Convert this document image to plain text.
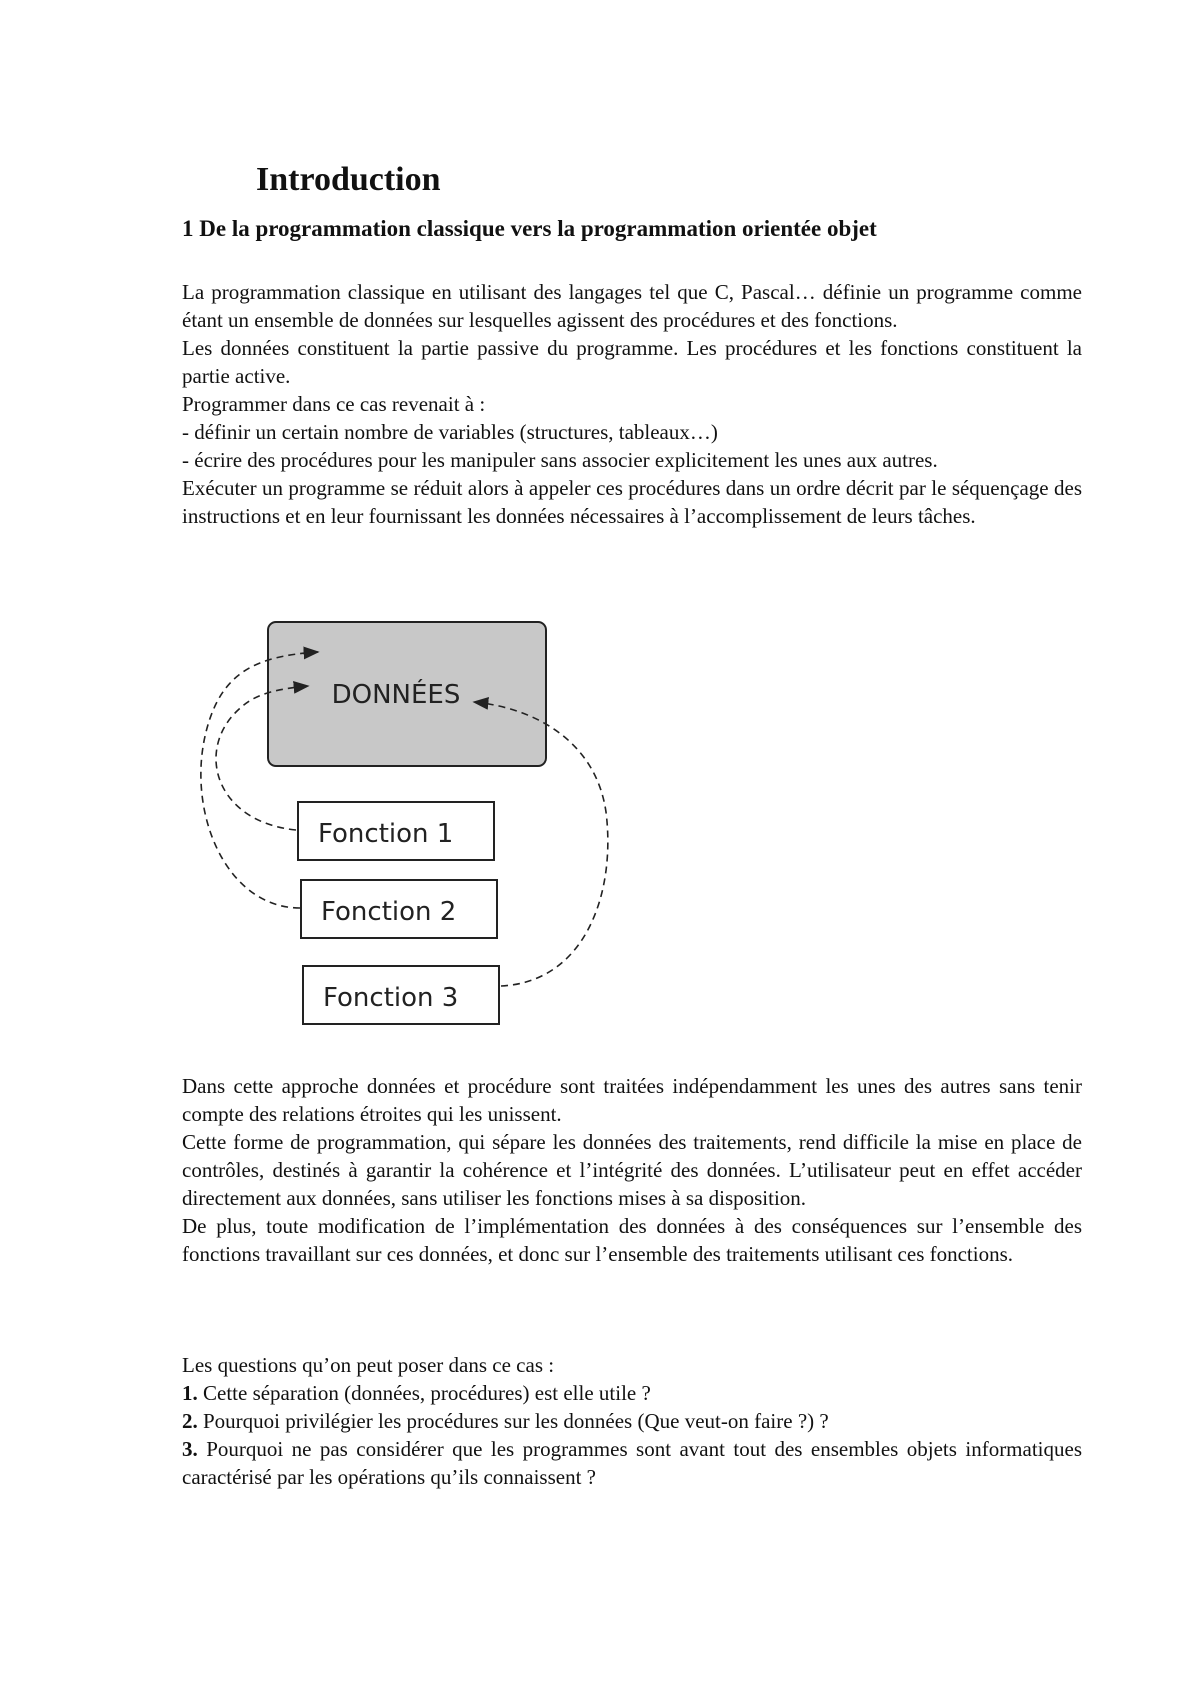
Introduction
1 De la programmation classique vers la programmation orientée objet

La programmation classique en utilisant des langages tel que C, Pascal… définie un programme comme étant un ensemble de données sur lesquelles agissent des procédures et des fonctions.

Les données constituent la partie passive du programme. Les procédures et les fonctions constituent la partie active.

Programmer dans ce cas revenait à :

- définir un certain nombre de variables (structures, tableaux…)

- écrire des procédures pour les manipuler sans associer explicitement les unes aux autres.

Exécuter un programme se réduit alors à appeler ces procédures dans un ordre décrit par le séquençage des instructions et en leur fournissant les données nécessaires à l’accomplissement de leurs tâches.

DONNÉES
Fonction 1
Fonction 2
Fonction 3

Dans cette approche données et procédure sont traitées indépendamment les unes des autres sans tenir compte des relations étroites qui les unissent.

Cette forme de programmation, qui sépare les données des traitements, rend difficile la mise en place de contrôles, destinés à garantir la cohérence et l’intégrité des données. L’utilisateur peut en effet accéder directement aux données, sans utiliser les fonctions mises à sa disposition.

De plus, toute modification de l’implémentation des données à des conséquences sur l’ensemble des fonctions travaillant sur ces données, et donc sur l’ensemble des traitements utilisant ces fonctions.

Les questions qu’on peut poser dans ce cas :

1. Cette séparation (données, procédures) est elle utile ?

2. Pourquoi privilégier les procédures sur les données (Que veut-on faire ?) ?

3. Pourquoi ne pas considérer que les programmes sont avant tout des ensembles objets informatiques caractérisé par les opérations qu’ils connaissent ?
